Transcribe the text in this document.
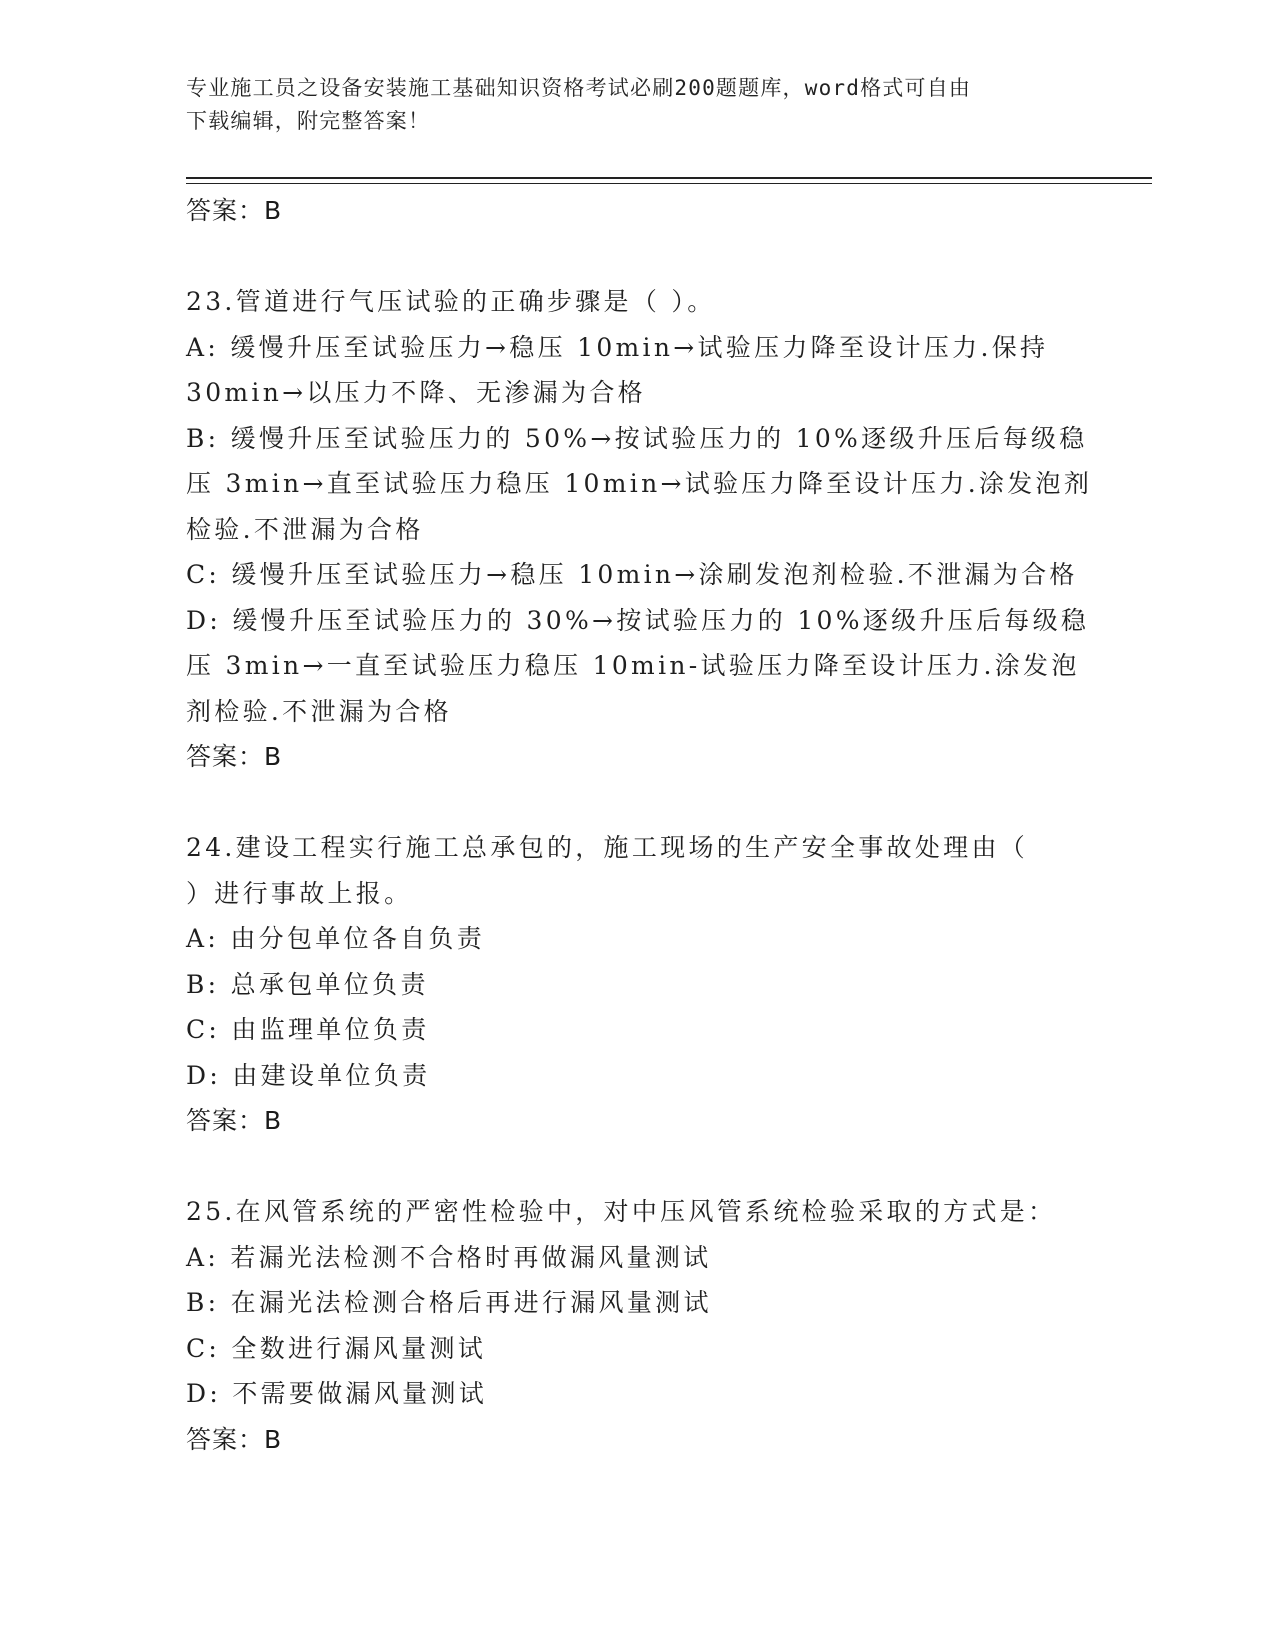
专业施工员之设备安装施工基础知识资格考试必刷200题题库，word格式可自由
下载编辑，附完整答案！

答案：B

23.管道进行气压试验的正确步骤是（ ）。

A: 缓慢升压至试验压力→稳压 10min→试验压力降至设计压力.保持

30min→以压力不降、无渗漏为合格

B: 缓慢升压至试验压力的 50%→按试验压力的 10%逐级升压后每级稳

压 3min→直至试验压力稳压 10min→试验压力降至设计压力.涂发泡剂

检验.不泄漏为合格

C: 缓慢升压至试验压力→稳压 10min→涂刷发泡剂检验.不泄漏为合格

D: 缓慢升压至试验压力的 30%→按试验压力的 10%逐级升压后每级稳

压 3min→一直至试验压力稳压 10min-试验压力降至设计压力.涂发泡

剂检验.不泄漏为合格

答案：B

24.建设工程实行施工总承包的，施工现场的生产安全事故处理由（

）进行事故上报。

A: 由分包单位各自负责

B: 总承包单位负责

C: 由监理单位负责

D: 由建设单位负责

答案：B

25.在风管系统的严密性检验中，对中压风管系统检验采取的方式是：

A: 若漏光法检测不合格时再做漏风量测试

B: 在漏光法检测合格后再进行漏风量测试

C: 全数进行漏风量测试

D: 不需要做漏风量测试

答案：B
